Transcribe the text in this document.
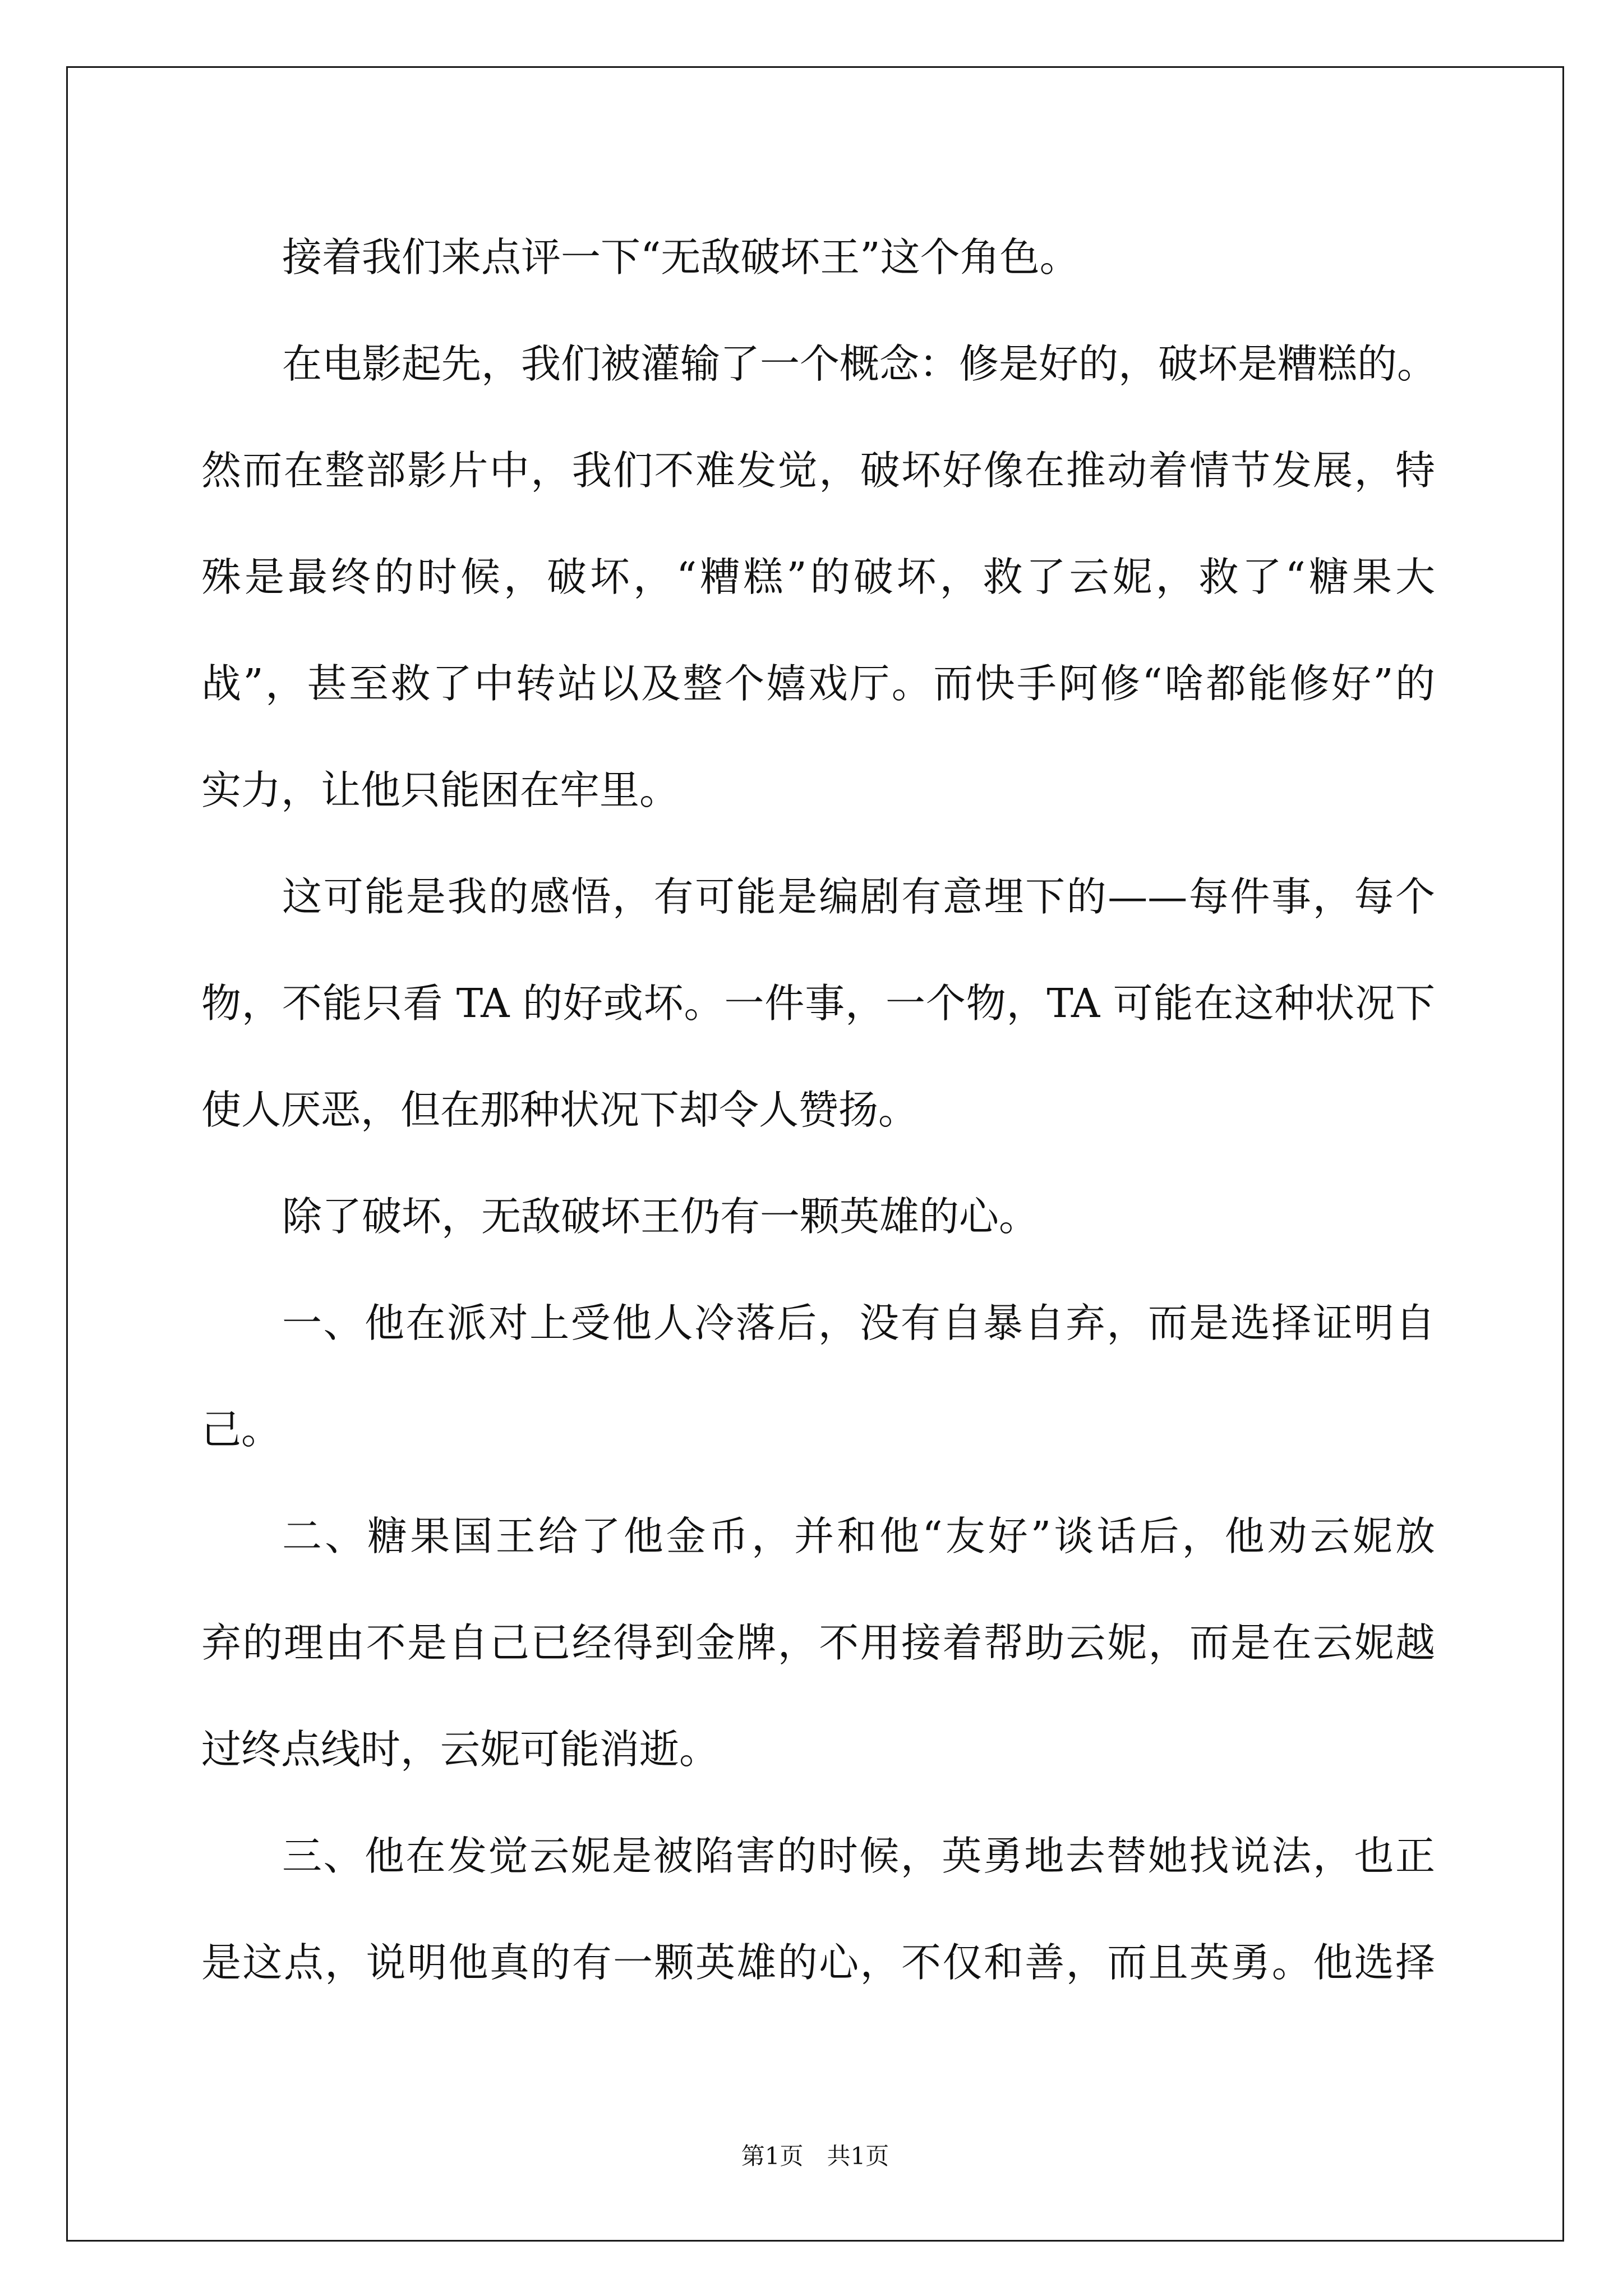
接着我们来点评一下“无敌破坏王”这个角色。
在电影起先，我们被灌输了一个概念：修是好的，破坏是糟糕的。
然而在整部影片中，我们不难发觉，破坏好像在推动着情节发展，特
殊是最终的时候，破坏，“糟糕”的破坏，救了云妮，救了“糖果大
战”，甚至救了中转站以及整个嬉戏厅。而快手阿修“啥都能修好”的
实力，让他只能困在牢里。
这可能是我的感悟，有可能是编剧有意埋下的——每件事，每个
物，不能只看 TA 的好或坏。一件事，一个物，TA 可能在这种状况下
使人厌恶，但在那种状况下却令人赞扬。
除了破坏，无敌破坏王仍有一颗英雄的心。
一、他在派对上受他人冷落后，没有自暴自弃，而是选择证明自
己。
二、糖果国王给了他金币，并和他“友好”谈话后，他劝云妮放
弃的理由不是自己已经得到金牌，不用接着帮助云妮，而是在云妮越
过终点线时，云妮可能消逝。
三、他在发觉云妮是被陷害的时候，英勇地去替她找说法，也正
是这点，说明他真的有一颗英雄的心，不仅和善，而且英勇。他选择
第1页　共1页
